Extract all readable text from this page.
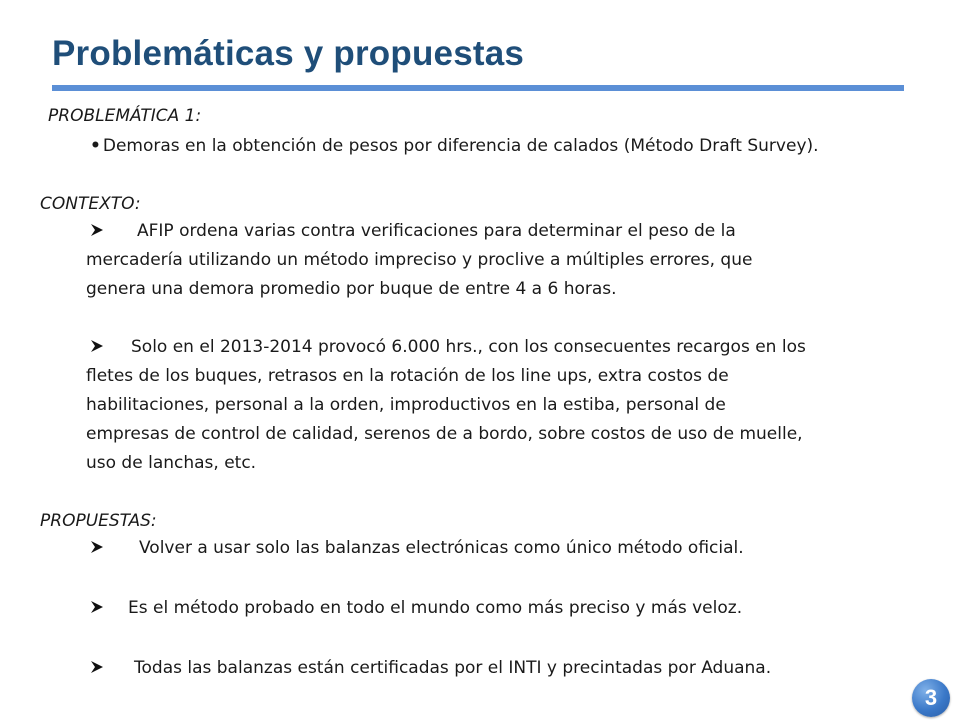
Problemáticas y propuestas
PROBLEMÁTICA 1:
• Demoras en la obtención de pesos por diferencia de calados (Método Draft Survey).
CONTEXTO:
AFIP ordena varias contra verificaciones para determinar el peso de la
mercadería utilizando un método impreciso y proclive a múltiples errores, que
genera una demora promedio por buque de entre 4 a 6 horas.
Solo en el 2013-2014 provocó 6.000 hrs., con los consecuentes recargos en los
fletes de los buques, retrasos en la rotación de los line ups, extra costos de
habilitaciones, personal a la orden, improductivos en la estiba, personal de
empresas de control de calidad, serenos de a bordo, sobre costos de uso de muelle,
uso de lanchas, etc.
PROPUESTAS:
Volver a usar solo las balanzas electrónicas como único método oficial.
Es el método probado en todo el mundo como más preciso y más veloz.
Todas las balanzas están certificadas por el INTI y precintadas por Aduana.
3
